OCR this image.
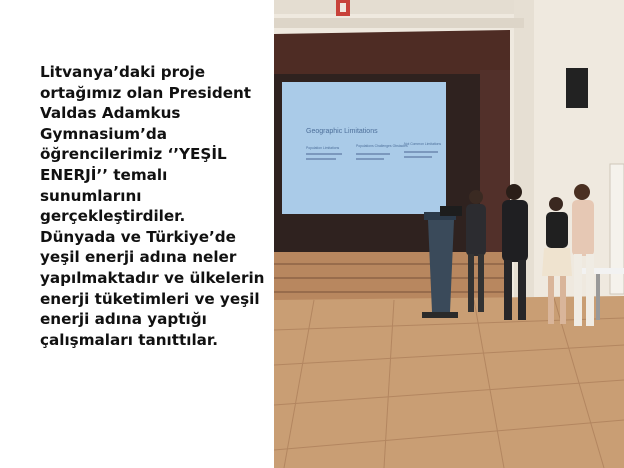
Litvanya’daki proje ortağımız olan President Valdas Adamkus Gymnasium’da öğrencilerimiz ‘’YEŞİL ENERJİ’’ temalı sunumlarını gerçekleştirdiler. Dünyada ve Türkiye’de yeşil enerji adına neler yapılmaktadır ve ülkelerin enerji tüketimleri ve yeşil enerji adına yaptığı çalışmaları tanıttılar.

Geographic Limitations
Population Limitations	Populations Challenges Obstacles
Not Common Limitations
